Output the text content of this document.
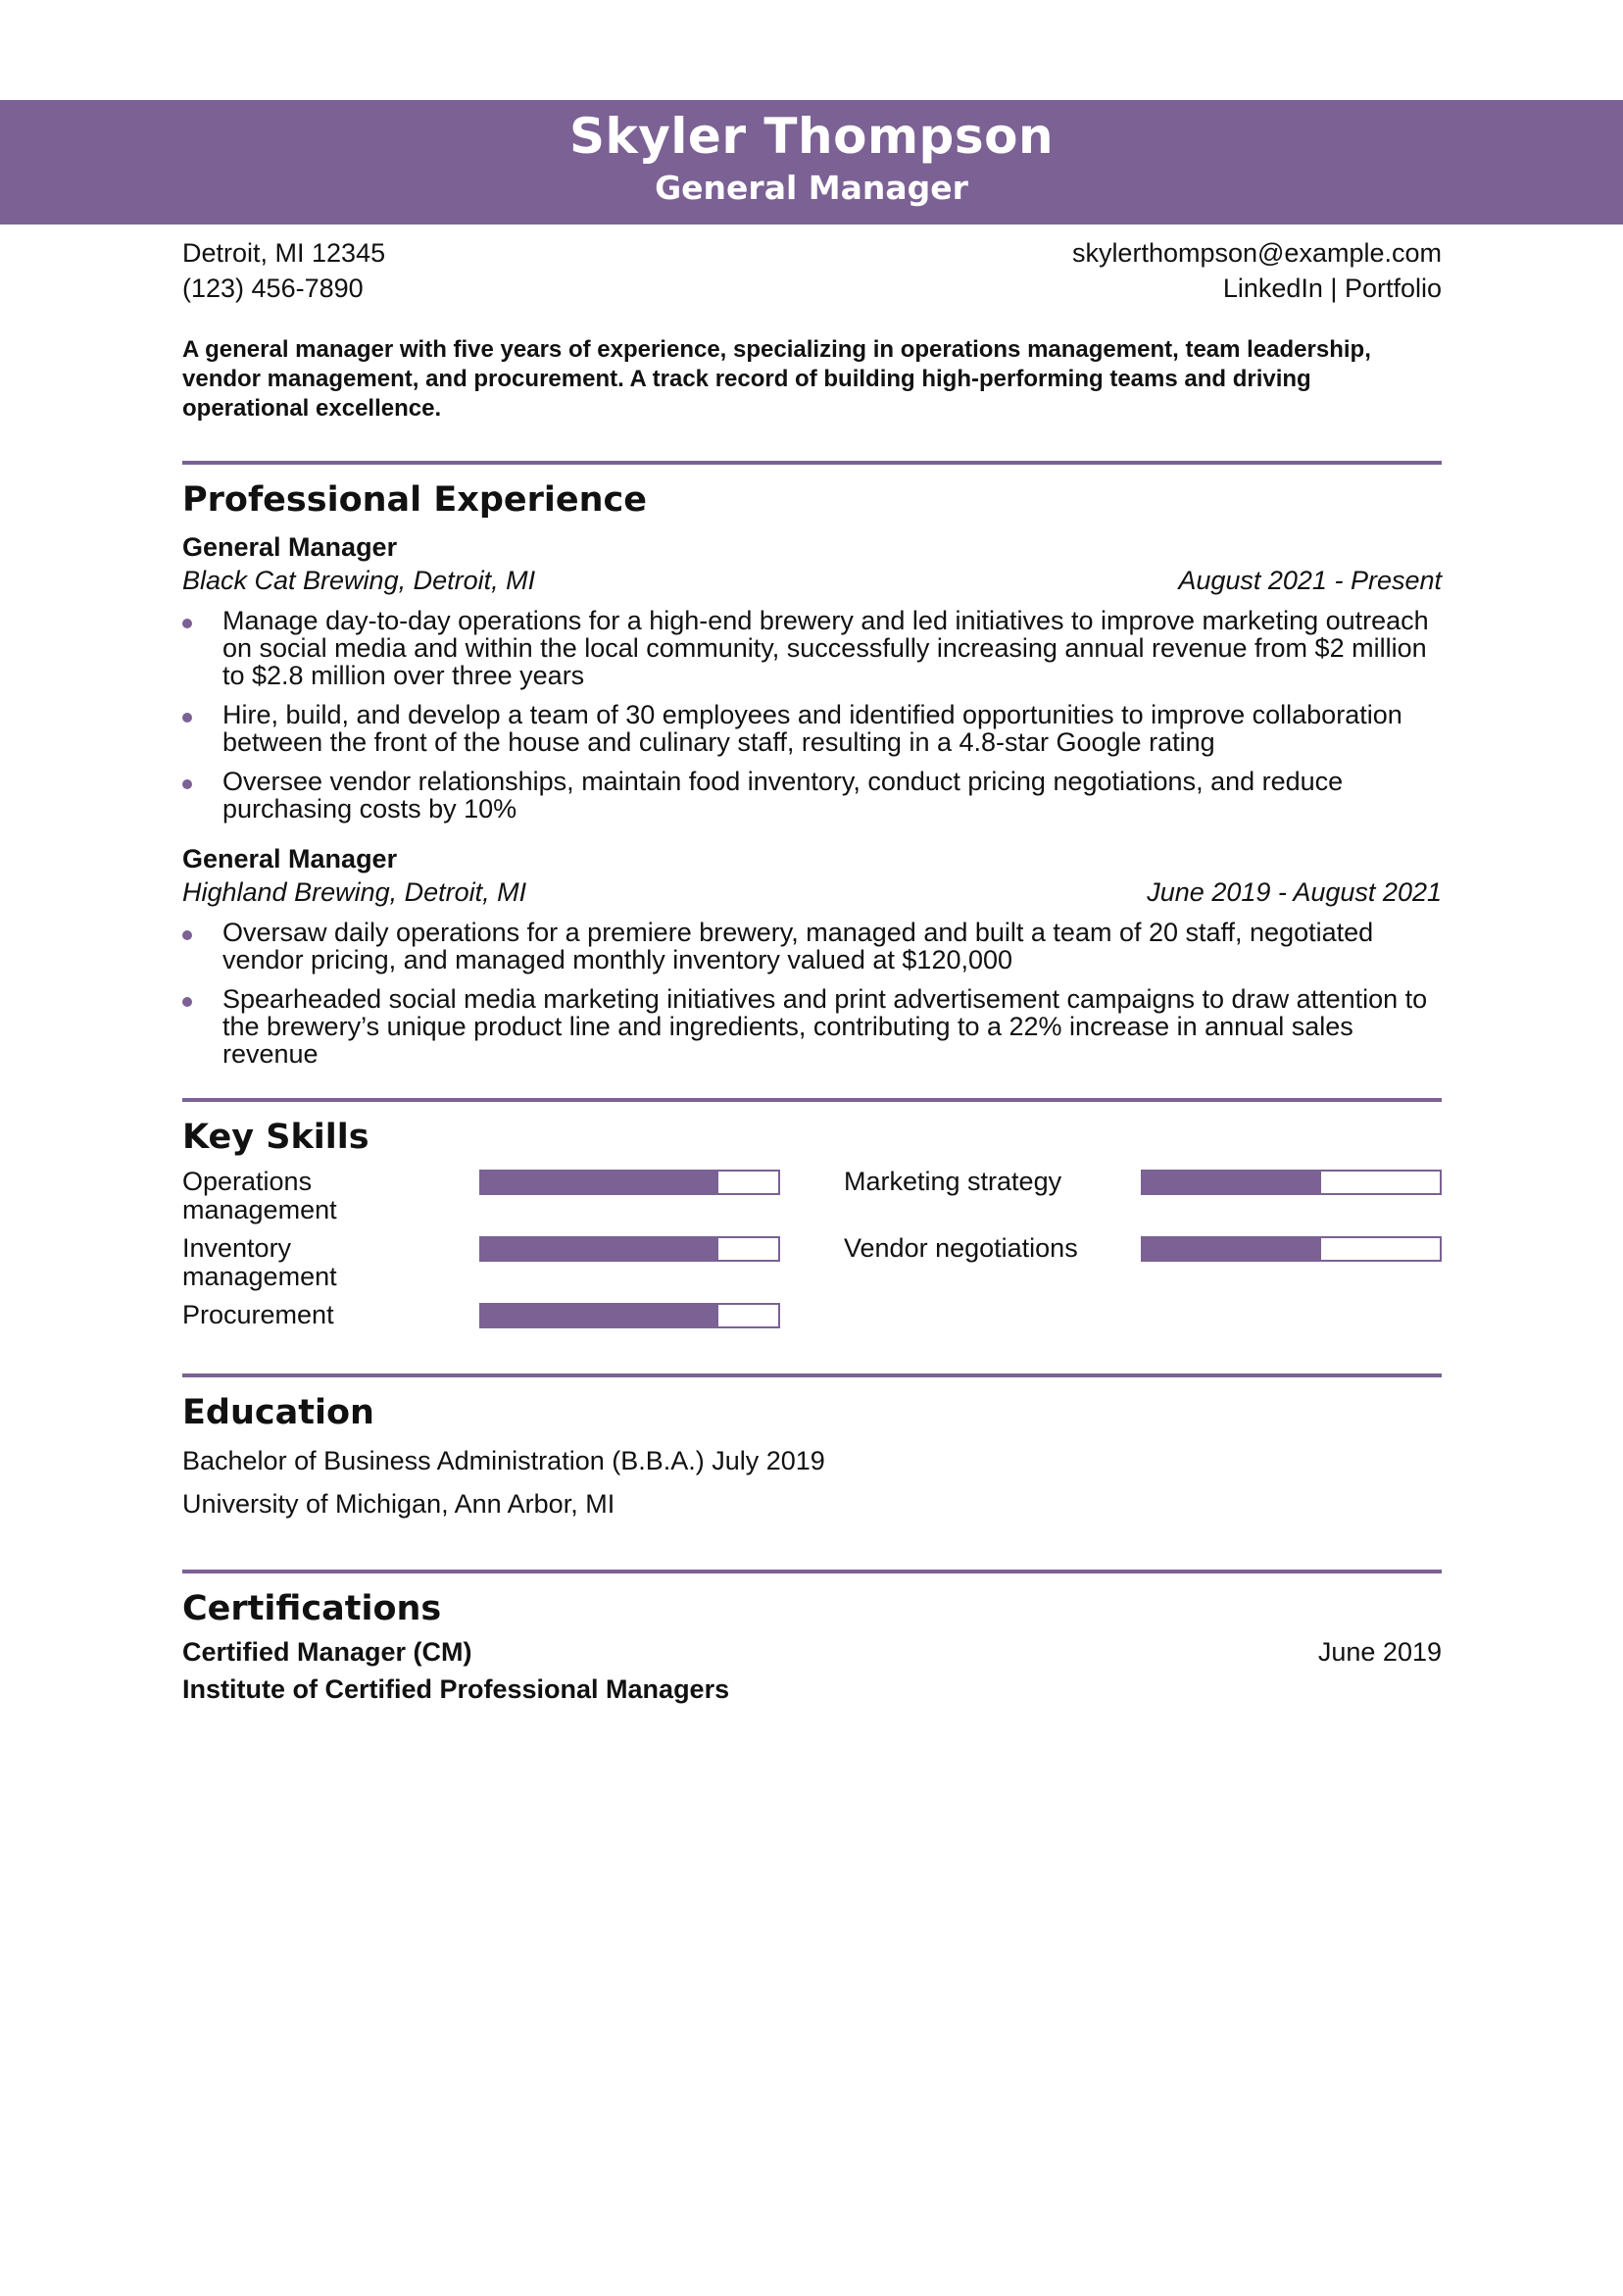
Skyler Thompson
General Manager
Detroit, MI 12345
(123) 456-7890
skylerthompson@example.com
LinkedIn | Portfolio
A general manager with five years of experience, specializing in operations management, team leadership, vendor management, and procurement. A track record of building high-performing teams and driving operational excellence.
Professional Experience
General Manager
Black Cat Brewing, Detroit, MI	August 2021 - Present
Manage day-to-day operations for a high-end brewery and led initiatives to improve marketing outreach on social media and within the local community, successfully increasing annual revenue from $2 million to $2.8 million over three years
Hire, build, and develop a team of 30 employees and identified opportunities to improve collaboration between the front of the house and culinary staff, resulting in a 4.8-star Google rating
Oversee vendor relationships, maintain food inventory, conduct pricing negotiations, and reduce purchasing costs by 10%
General Manager
Highland Brewing, Detroit, MI	June 2019 - August 2021
Oversaw daily operations for a premiere brewery, managed and built a team of 20 staff, negotiated vendor pricing, and managed monthly inventory valued at $120,000
Spearheaded social media marketing initiatives and print advertisement campaigns to draw attention to the brewery’s unique product line and ingredients, contributing to a 22% increase in annual sales revenue
Key Skills
Operations management
Inventory management
Procurement
Marketing strategy
Vendor negotiations
Education
Bachelor of Business Administration (B.B.A.) July 2019
University of Michigan, Ann Arbor, MI
Certifications
Certified Manager (CM)	June 2019
Institute of Certified Professional Managers
